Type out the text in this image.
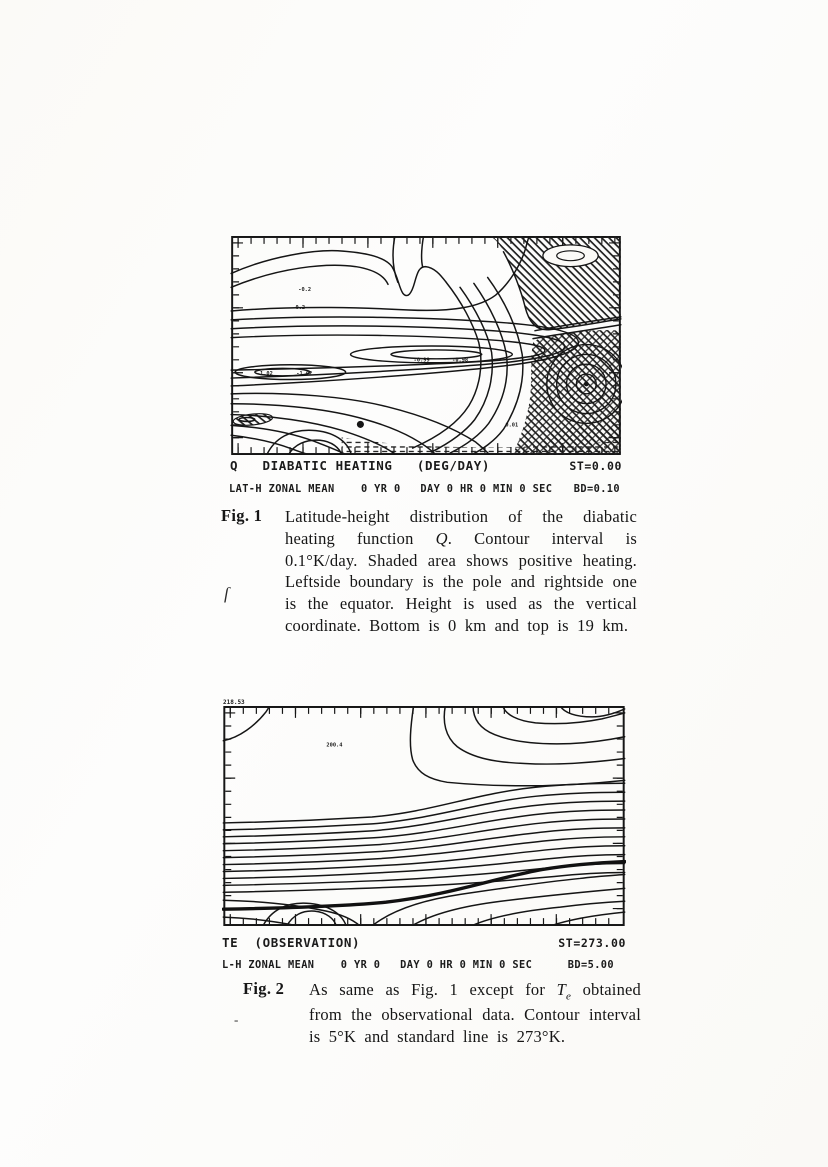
-0.2
-0.2
-1.02	-1.02
-0.99	-0.98
0.01
Q   DIABATIC HEATING   (DEG/DAY)	ST=0.00
LAT-H ZONAL MEAN    0 YR 0   DAY 0 HR 0 MIN 0 SEC BD=0.10
Fig. 1	Latitude-height distribution of the diabatic heating function Q. Contour interval is 0.1°K/day. Shaded area shows positive heating. Leftside boundary is the pole and rightside one is the equator. Height is used as the vertical coordinate. Bottom is 0 km and top is 19 km.
ſ
-
218.53
200.4
TE  (OBSERVATION)	ST=273.00
L-H ZONAL MEAN    0 YR 0   DAY 0 HR 0 MIN 0 SEC	BD=5.00
Fig. 2	As same as Fig. 1 except for $T_e$ obtained from the observational data. Contour interval is 5°K and standard line is 273°K.
